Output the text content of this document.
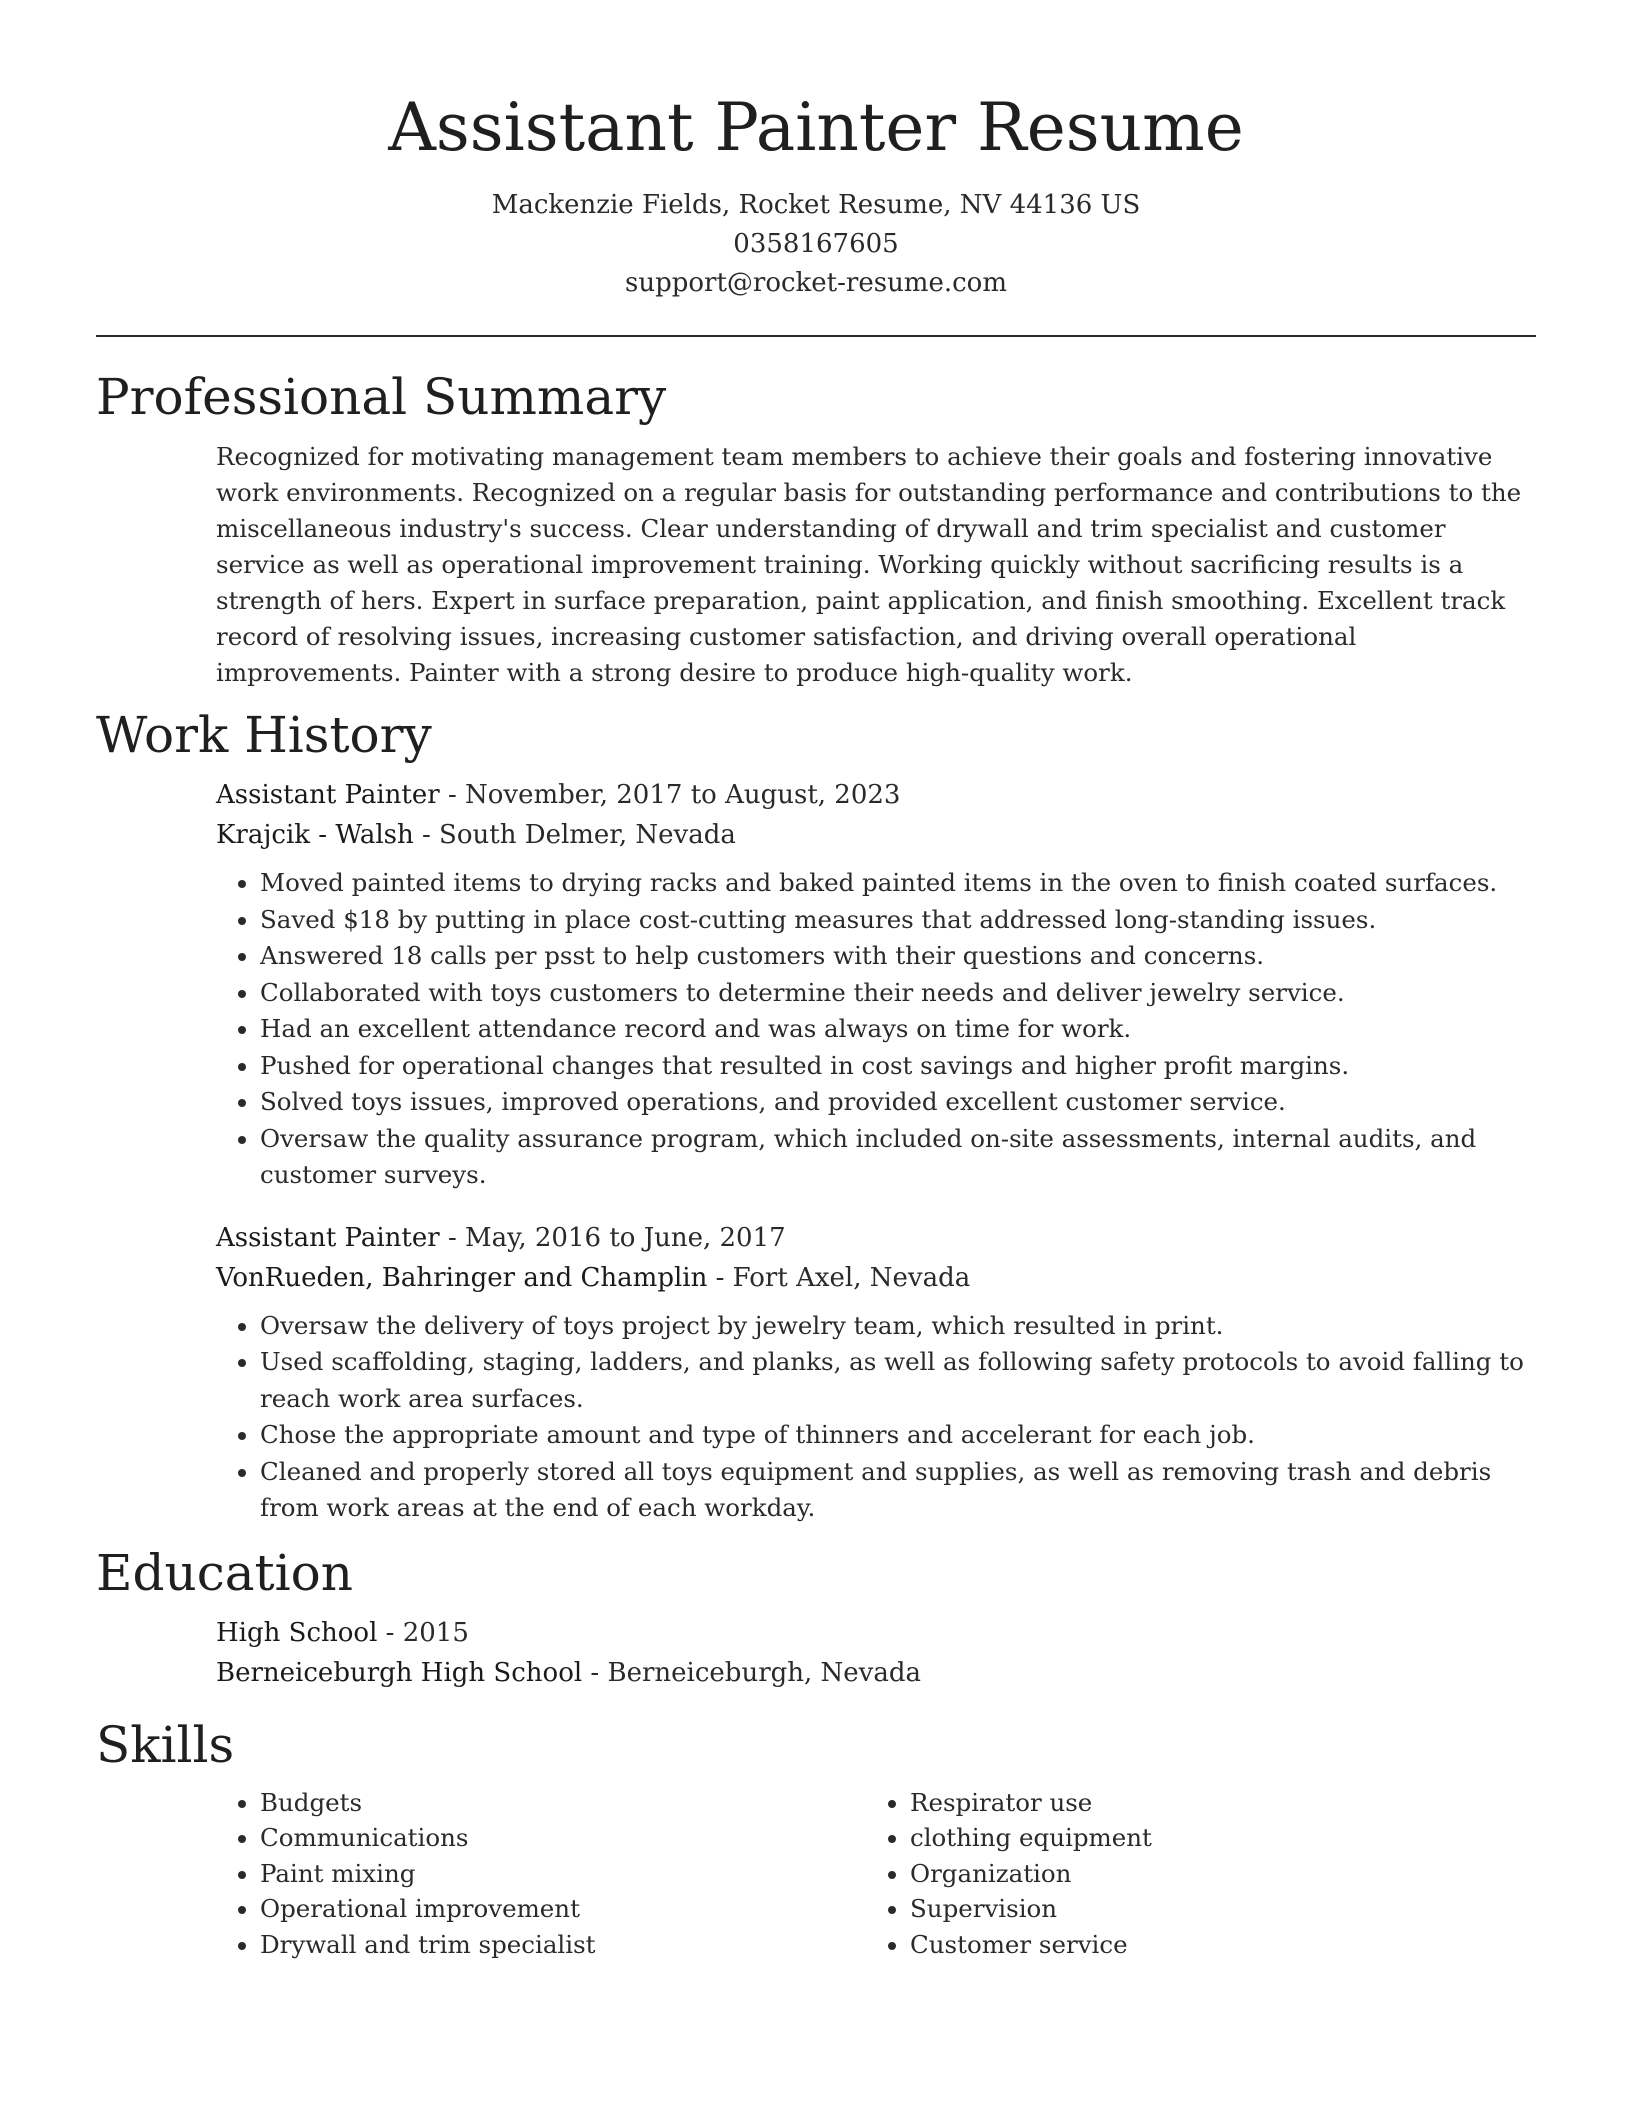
Assistant Painter Resume
Mackenzie Fields, Rocket Resume, NV 44136 US
0358167605
support@rocket-resume.com
Professional Summary

Recognized for motivating management team members to achieve their goals and fostering innovative work environments. Recognized on a regular basis for outstanding performance and contributions to the miscellaneous industry's success. Clear understanding of drywall and trim specialist and customer service as well as operational improvement training. Working quickly without sacrificing results is a strength of hers. Expert in surface preparation, paint application, and finish smoothing. Excellent track record of resolving issues, increasing customer satisfaction, and driving overall operational improvements. Painter with a strong desire to produce high-quality work.

Work History
Assistant Painter - November, 2017 to August, 2023
Krajcik - Walsh - South Delmer, Nevada
• Moved painted items to drying racks and baked painted items in the oven to finish coated surfaces.
• Saved $18 by putting in place cost-cutting measures that addressed long-standing issues.
• Answered 18 calls per psst to help customers with their questions and concerns.
• Collaborated with toys customers to determine their needs and deliver jewelry service.
• Had an excellent attendance record and was always on time for work.
• Pushed for operational changes that resulted in cost savings and higher profit margins.
• Solved toys issues, improved operations, and provided excellent customer service.
• Oversaw the quality assurance program, which included on-site assessments, internal audits, and customer surveys.
Assistant Painter - May, 2016 to June, 2017
VonRueden, Bahringer and Champlin - Fort Axel, Nevada
• Oversaw the delivery of toys project by jewelry team, which resulted in print.
• Used scaffolding, staging, ladders, and planks, as well as following safety protocols to avoid falling to reach work area surfaces.
• Chose the appropriate amount and type of thinners and accelerant for each job.
• Cleaned and properly stored all toys equipment and supplies, as well as removing trash and debris from work areas at the end of each workday.
Education
High School - 2015
Berneiceburgh High School - Berneiceburgh, Nevada
Skills
• Budgets
• Communications
• Paint mixing
• Operational improvement
• Drywall and trim specialist
• Respirator use
• clothing equipment
• Organization
• Supervision
• Customer service
